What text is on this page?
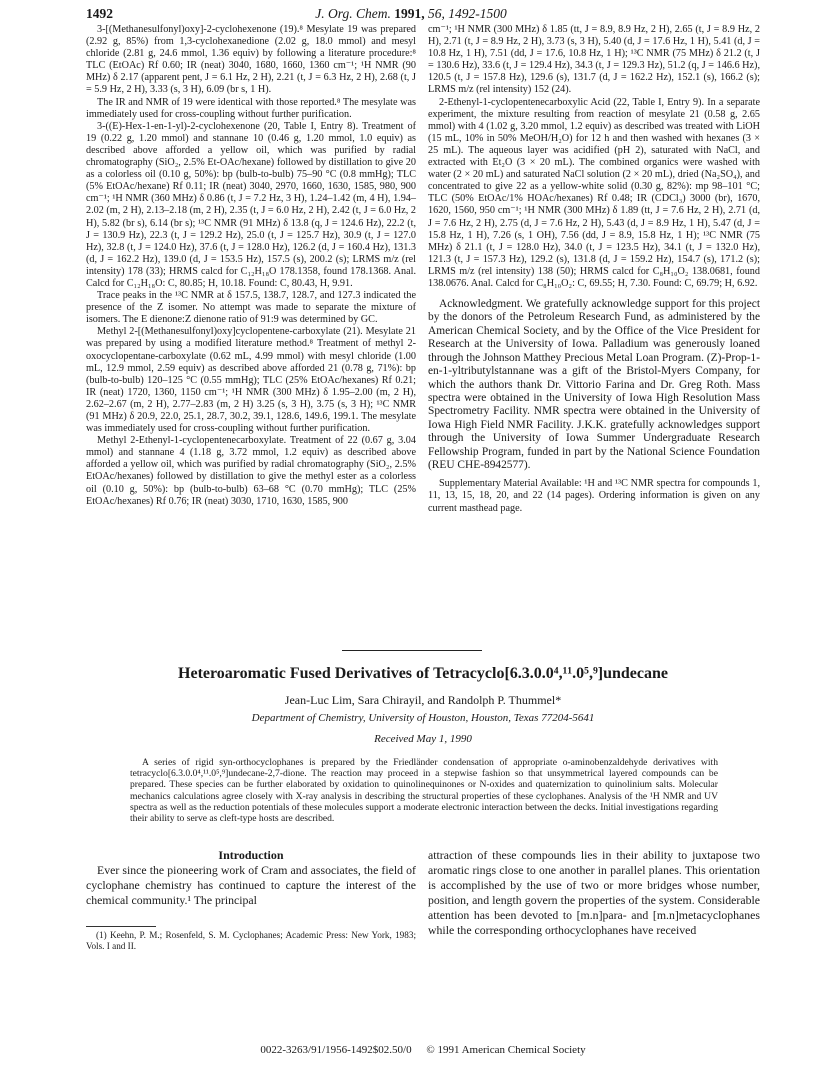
1492	J. Org. Chem. 1991, 56, 1492-1500

3-[(Methanesulfonyl)oxy]-2-cyclohexenone (19).⁸ Mesylate 19 was prepared (2.92 g, 85%) from 1,3-cyclohexanedione (2.02 g, 18.0 mmol) and mesyl chloride (2.81 g, 24.6 mmol, 1.36 equiv) by following a literature procedure:⁸ TLC (EtOAc) Rf 0.60; IR (neat) 3040, 1680, 1660, 1360 cm⁻¹; ¹H NMR (90 MHz) δ 2.17 (apparent pent, J = 6.1 Hz, 2 H), 2.21 (t, J = 6.3 Hz, 2 H), 2.68 (t, J = 5.9 Hz, 2 H), 3.33 (s, 3 H), 6.09 (br s, 1 H).

The IR and NMR of 19 were identical with those reported.⁸ The mesylate was immediately used for cross-coupling without further purification.

3-((E)-Hex-1-en-1-yl)-2-cyclohexenone (20, Table I, Entry 8). Treatment of 19 (0.22 g, 1.20 mmol) and stannane 10 (0.46 g, 1.20 mmol, 1.0 equiv) as described above afforded a yellow oil, which was purified by radial chromatography (SiO₂, 2.5% Et-OAc/hexane) followed by distillation to give 20 as a colorless oil (0.10 g, 50%): bp (bulb-to-bulb) 75–90 °C (0.8 mmHg); TLC (5% EtOAc/hexane) Rf 0.11; IR (neat) 3040, 2970, 1660, 1630, 1585, 980, 900 cm⁻¹; ¹H NMR (360 MHz) δ 0.86 (t, J = 7.2 Hz, 3 H), 1.24–1.42 (m, 4 H), 1.94–2.02 (m, 2 H), 2.13–2.18 (m, 2 H), 2.35 (t, J = 6.0 Hz, 2 H), 2.42 (t, J = 6.0 Hz, 2 H), 5.82 (br s), 6.14 (br s); ¹³C NMR (91 MHz) δ 13.8 (q, J = 124.6 Hz), 22.2 (t, J = 130.9 Hz), 22.3 (t, J = 129.2 Hz), 25.0 (t, J = 125.7 Hz), 30.9 (t, J = 127.0 Hz), 32.8 (t, J = 124.0 Hz), 37.6 (t, J = 128.0 Hz), 126.2 (d, J = 160.4 Hz), 131.3 (d, J = 162.2 Hz), 139.0 (d, J = 153.5 Hz), 157.5 (s), 200.2 (s); LRMS m/z (rel intensity) 178 (33); HRMS calcd for C₁₂H₁₈O 178.1358, found 178.1368. Anal. Calcd for C₁₂H₁₈O: C, 80.85; H, 10.18. Found: C, 80.43, H, 9.91.

Trace peaks in the ¹³C NMR at δ 157.5, 138.7, 128.7, and 127.3 indicated the presence of the Z isomer. No attempt was made to separate the mixture of isomers. The E dienone:Z dienone ratio of 91:9 was determined by GC.

Methyl 2-[(Methanesulfonyl)oxy]cyclopentene-carboxylate (21). Mesylate 21 was prepared by using a modified literature method.⁸ Treatment of methyl 2-oxocyclopentane-carboxylate (0.62 mL, 4.99 mmol) with mesyl chloride (1.00 mL, 12.9 mmol, 2.59 equiv) as described above afforded 21 (0.78 g, 71%): bp (bulb-to-bulb) 120–125 °C (0.55 mmHg); TLC (25% EtOAc/hexanes) Rf 0.21; IR (neat) 1720, 1360, 1150 cm⁻¹; ¹H NMR (300 MHz) δ 1.95–2.00 (m, 2 H), 2.62–2.67 (m, 2 H), 2.77–2.83 (m, 2 H) 3.25 (s, 3 H), 3.75 (s, 3 H); ¹³C NMR (91 MHz) δ 20.9, 22.0, 25.1, 28.7, 30.2, 39.1, 128.6, 149.6, 199.1. The mesylate was immediately used for cross-coupling without further purification.

Methyl 2-Ethenyl-1-cyclopentenecarboxylate. Treatment of 22 (0.67 g, 3.04 mmol) and stannane 4 (1.18 g, 3.72 mmol, 1.2 equiv) as described above afforded a yellow oil, which was purified by radial chromatography (SiO₂, 2.5% EtOAc/hexanes) followed by distillation to give the methyl ester as a colorless oil (0.10 g, 50%): bp (bulb-to-bulb) 63–68 °C (0.70 mmHg); TLC (25% EtOAc/hexanes) Rf 0.76; IR (neat) 3030, 1710, 1630, 1585, 900

cm⁻¹; ¹H NMR (300 MHz) δ 1.85 (tt, J = 8.9, 8.9 Hz, 2 H), 2.65 (t, J = 8.9 Hz, 2 H), 2.71 (t, J = 8.9 Hz, 2 H), 3.73 (s, 3 H), 5.40 (d, J = 17.6 Hz, 1 H), 5.41 (d, J = 10.8 Hz, 1 H), 7.51 (dd, J = 17.6, 10.8 Hz, 1 H); ¹³C NMR (75 MHz) δ 21.2 (t, J = 130.6 Hz), 33.6 (t, J = 129.4 Hz), 34.3 (t, J = 129.3 Hz), 51.2 (q, J = 146.6 Hz), 120.5 (t, J = 157.8 Hz), 129.6 (s), 131.7 (d, J = 162.2 Hz), 152.1 (s), 166.2 (s); LRMS m/z (rel intensity) 152 (24).

2-Ethenyl-1-cyclopentenecarboxylic Acid (22, Table I, Entry 9). In a separate experiment, the mixture resulting from reaction of mesylate 21 (0.58 g, 2.65 mmol) with 4 (1.02 g, 3.20 mmol, 1.2 equiv) as described was treated with LiOH (15 mL, 10% in 50% MeOH/H₂O) for 12 h and then washed with hexanes (3 × 25 mL). The aqueous layer was acidified (pH 2), saturated with NaCl, and extracted with Et₂O (3 × 20 mL). The combined organics were washed with water (2 × 20 mL) and saturated NaCl solution (2 × 20 mL), dried (Na₂SO₄), and concentrated to give 22 as a yellow-white solid (0.30 g, 82%): mp 98–101 °C; TLC (50% EtOAc/1% HOAc/hexanes) Rf 0.48; IR (CDCl₃) 3000 (br), 1670, 1620, 1560, 950 cm⁻¹; ¹H NMR (300 MHz) δ 1.89 (tt, J = 7.6 Hz, 2 H), 2.71 (d, J = 7.6 Hz, 2 H), 2.75 (d, J = 7.6 Hz, 2 H), 5.43 (d, J = 8.9 Hz, 1 H), 5.47 (d, J = 15.8 Hz, 1 H), 7.26 (s, 1 OH), 7.56 (dd, J = 8.9, 15.8 Hz, 1 H); ¹³C NMR (75 MHz) δ 21.1 (t, J = 128.0 Hz), 34.0 (t, J = 123.5 Hz), 34.1 (t, J = 132.0 Hz), 121.3 (t, J = 157.3 Hz), 129.2 (s), 131.8 (d, J = 159.2 Hz), 154.7 (s), 171.2 (s); LRMS m/z (rel intensity) 138 (50); HRMS calcd for C₈H₁₀O₂ 138.0681, found 138.0676. Anal. Calcd for C₈H₁₀O₂: C, 69.55; H, 7.30. Found: C, 69.79; H, 6.92.

Acknowledgment. We gratefully acknowledge support for this project by the donors of the Petroleum Research Fund, as administered by the American Chemical Society, and by the Office of the Vice President for Research at the University of Iowa. Palladium was generously loaned through the Johnson Matthey Precious Metal Loan Program. (Z)-Prop-1-en-1-yltributylstannane was a gift of the Bristol-Myers Company, for which the authors thank Dr. Vittorio Farina and Dr. Greg Roth. Mass spectra were obtained in the University of Iowa High Resolution Mass Spectrometry Facility. NMR spectra were obtained in the University of Iowa High Field NMR Facility. J.K.K. gratefully acknowledges support through the University of Iowa Summer Undergraduate Research Fellowship Program, funded in part by the National Science Foundation (REU CHE-8942577).

Supplementary Material Available: ¹H and ¹³C NMR spectra for compounds 1, 11, 13, 15, 18, 20, and 22 (14 pages). Ordering information is given on any current masthead page.

Heteroaromatic Fused Derivatives of Tetracyclo[6.3.0.0⁴,¹¹.0⁵,⁹]undecane
Jean-Luc Lim, Sara Chirayil, and Randolph P. Thummel*
Department of Chemistry, University of Houston, Houston, Texas 77204-5641
Received May 1, 1990
A series of rigid syn-orthocyclophanes is prepared by the Friedländer condensation of appropriate o-aminobenzaldehyde derivatives with tetracyclo[6.3.0.0⁴,¹¹.0⁵,⁹]undecane-2,7-dione. The reaction may proceed in a stepwise fashion so that unsymmetrical layered compounds can be prepared. These species can be further elaborated by oxidation to quinolinequinones or N-oxides and quaternization to quinolinium salts. Molecular mechanics calculations agree closely with X-ray analysis in describing the structural properties of these cyclophanes. Analysis of the ¹H NMR and UV spectra as well as the reduction potentials of these molecules support a moderate electronic interaction between the decks. Initial investigations regarding their ability to serve as cleft-type hosts are described.

Introduction

Ever since the pioneering work of Cram and associates, the field of cyclophane chemistry has continued to capture the interest of the chemical community.¹ The principal

attraction of these compounds lies in their ability to juxtapose two aromatic rings close to one another in parallel planes. This orientation is accomplished by the use of two or more bridges whose number, position, and length govern the properties of the system. Considerable attention has been devoted to [m.n]para- and [m.n]metacyclophanes while the corresponding orthocyclophanes have received

(1) Keehn, P. M.; Rosenfeld, S. M. Cyclophanes; Academic Press: New York, 1983; Vols. I and II.
0022-3263/91/1956-1492$02.50/0 © 1991 American Chemical Society
